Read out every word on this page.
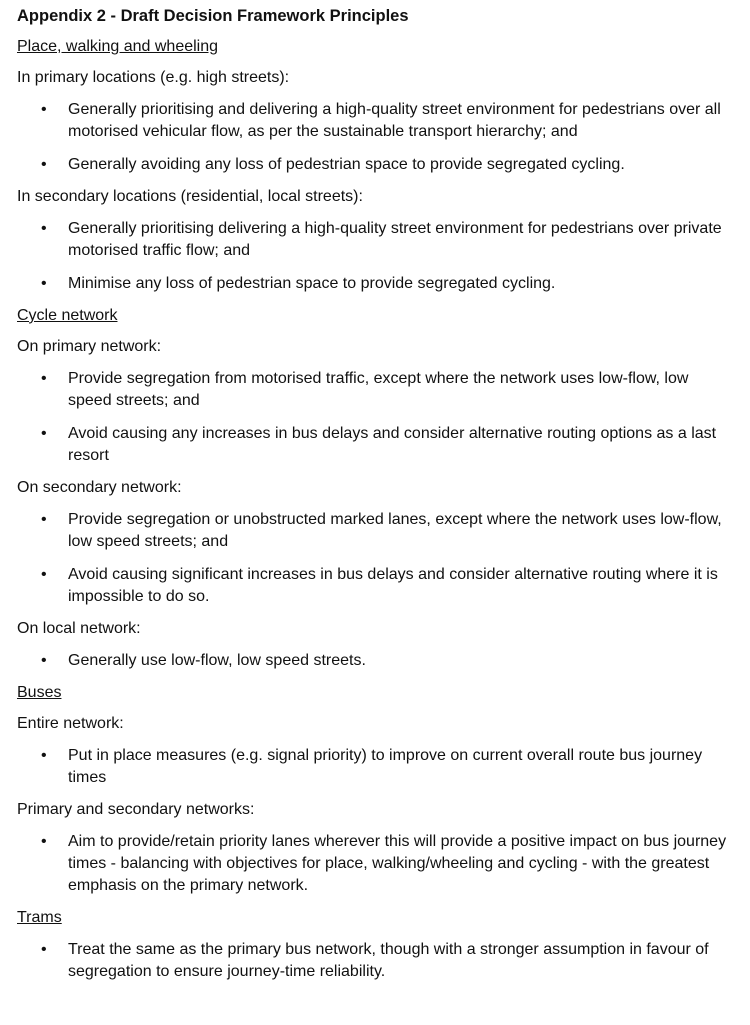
Appendix 2 - Draft Decision Framework Principles
Place, walking and wheeling
In primary locations (e.g. high streets):
• Generally prioritising and delivering a high-quality street environment for pedestrians over all motorised vehicular flow, as per the sustainable transport hierarchy; and
• Generally avoiding any loss of pedestrian space to provide segregated cycling.
In secondary locations (residential, local streets):
• Generally prioritising delivering a high-quality street environment for pedestrians over private motorised traffic flow; and
• Minimise any loss of pedestrian space to provide segregated cycling.
Cycle network
On primary network:
• Provide segregation from motorised traffic, except where the network uses low-flow, low speed streets; and
• Avoid causing any increases in bus delays and consider alternative routing options as a last resort
On secondary network:
• Provide segregation or unobstructed marked lanes, except where the network uses low-flow, low speed streets; and
• Avoid causing significant increases in bus delays and consider alternative routing where it is impossible to do so.
On local network:
• Generally use low-flow, low speed streets.
Buses
Entire network:
• Put in place measures (e.g. signal priority) to improve on current overall route bus journey times
Primary and secondary networks:
• Aim to provide/retain priority lanes wherever this will provide a positive impact on bus journey times - balancing with objectives for place, walking/wheeling and cycling - with the greatest emphasis on the primary network.
Trams
• Treat the same as the primary bus network, though with a stronger assumption in favour of segregation to ensure journey-time reliability.
